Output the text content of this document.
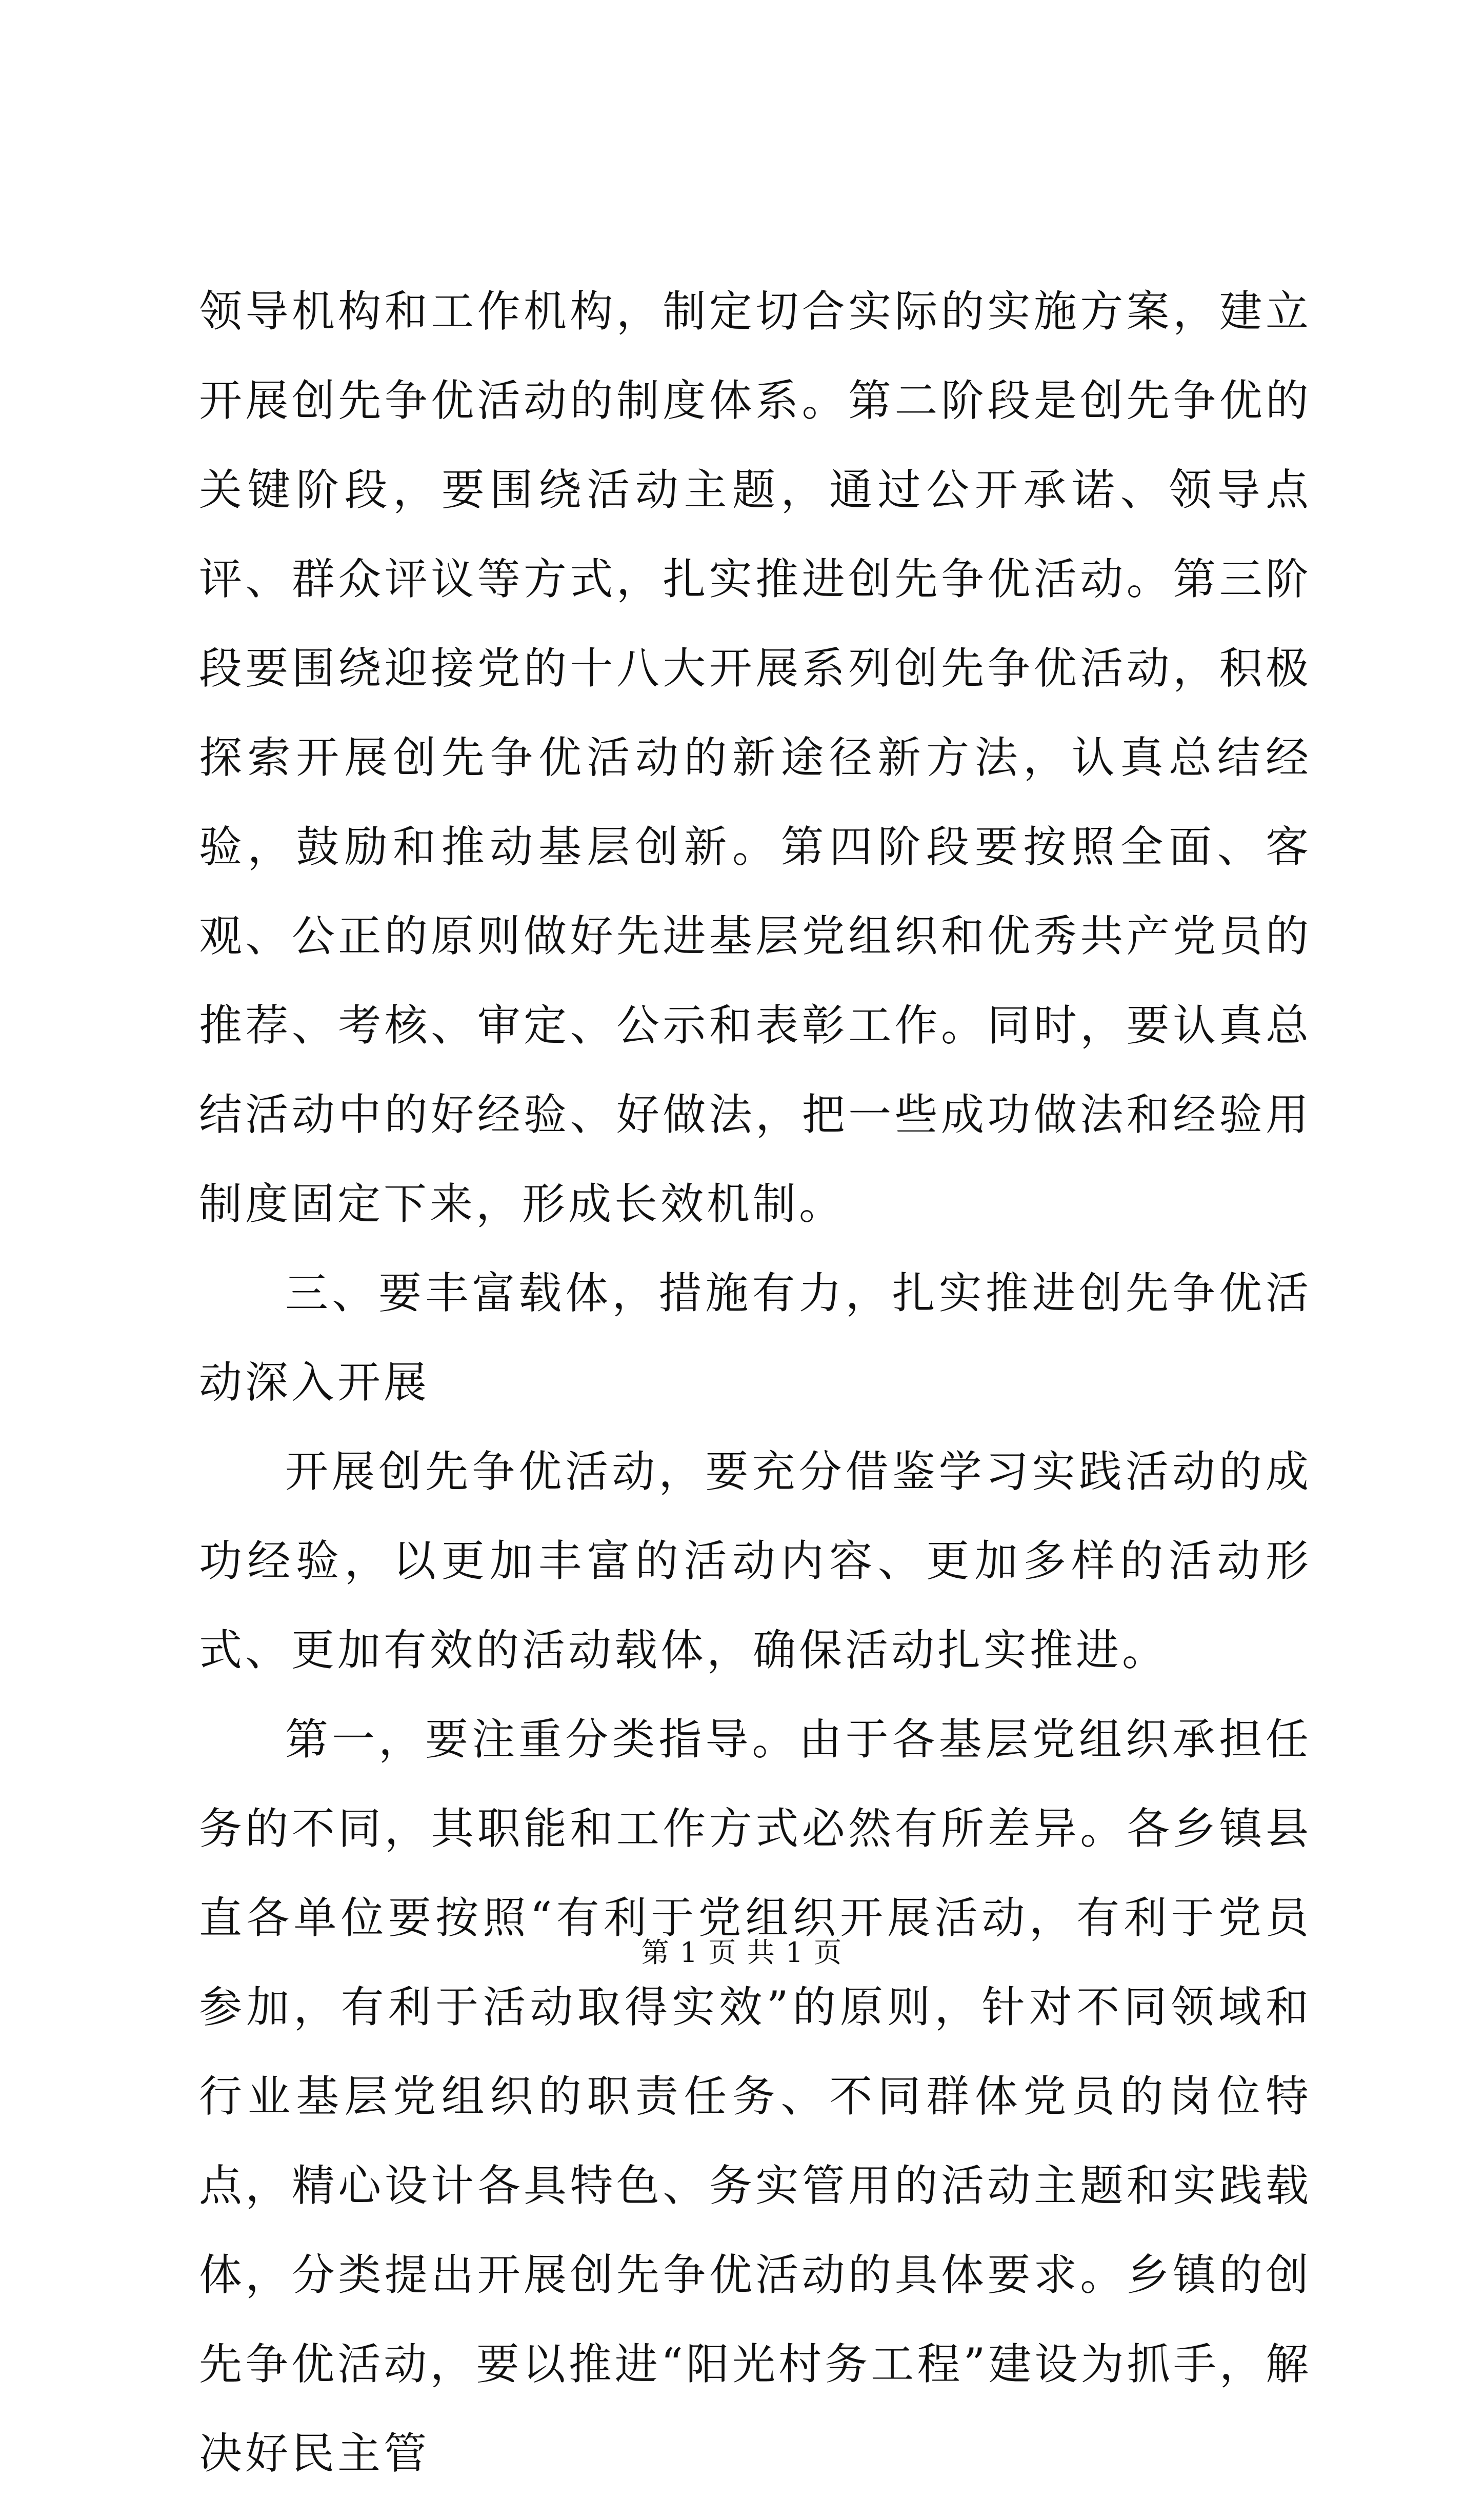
领导机构和工作机构，制定切合实际的实施方案，建立开展创先争优活动的制度体系。第二阶段是创先争优的关键阶段，要围绕活动主题，通过公开承诺、领导点评、群众评议等方式，扎实推进创先争优活动。第三阶段要围绕迎接党的十八大开展系列创先争优活动，积极探索开展创先争优活动的新途径新方法，认真总结经验，鼓励和推动基层创新。第四阶段要按照全面、客观、公正的原则做好先进基层党组织和优秀共产党员的推荐、考核、审定、公示和表彰工作。同时，要认真总结活动中的好经验、好做法，把一些成功做法和经验用制度固定下来，形成长效机制。

三、要丰富载体，措施有力，扎实推进创先争优活动深入开展

开展创先争优活动，要充分借鉴学习实践活动的成功经验，以更加丰富的活动内容、更加多样的活动形式、更加有效的活动载体，确保活动扎实推进。

第一，要注重分类指导。由于各基层党组织承担任务的不同，其职能和工作方式必然有所差异。各乡镇县直各单位要按照“有利于党组织开展活动，有利于党员参加，有利于活动取得实效”的原则，针对不同领域和行业基层党组织的职责任务、不同群体党员的岗位特点，精心设计各具特色、务实管用的活动主题和实践载体，分类提出开展创先争优活动的具体要求。乡镇的创先争优活动，要以推进“阳光村务工程”建设为抓手，解决好民主管

第 1 页 共 1 页
